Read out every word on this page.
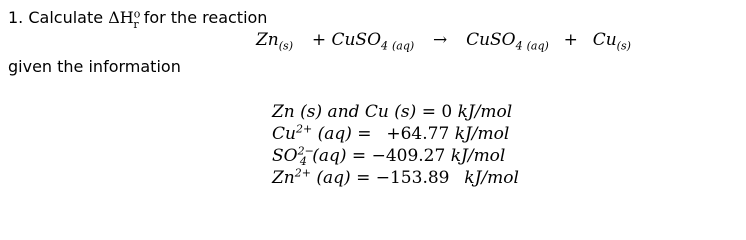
1. Calculate $\Delta H^o_r$ for the reaction
$Zn_{(s)}$ + CuSO$_4$ $_{(aq)}$ → CuSO$_4$ $_{(aq)} + Cu_{(s)}$
given the information
Zn (s) and Cu (s) = 0 kJ/mol
$Cu^{2+}$ (aq) = +64.77 kJ/mol
$SO^{2-}_4$ (aq) = −409.27 kJ/mol
$Zn^{2+}$ (aq) = −153.89 kJ/mol
